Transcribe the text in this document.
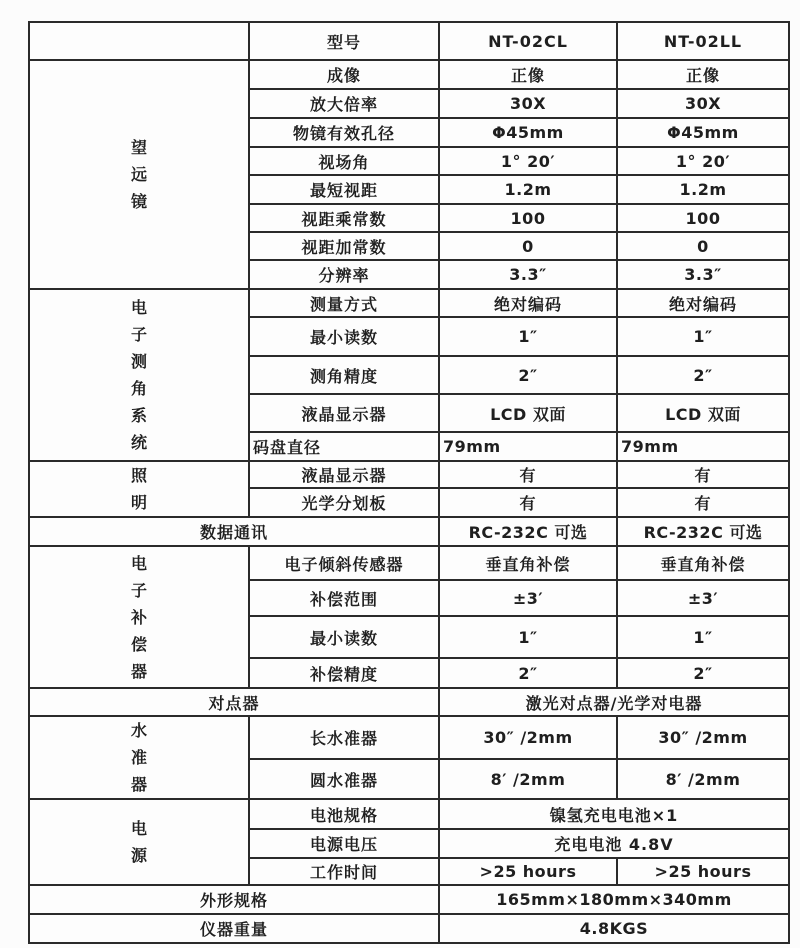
	型号	NT-02CL	NT-02LL

望远镜	成像	正像	正像
	放大倍率	30X	30X
	物镜有效孔径	Φ45mm	Φ45mm
	视场角	1° 20′	1° 20′
	最短视距	1.2m	1.2m
	视距乘常数	100	100
	视距加常数	0	0
	分辨率	3.3″	3.3″

电子测角系统	测量方式	绝对编码	绝对编码
	最小读数	1″	1″
	测角精度	2″	2″
	液晶显示器	LCD 双面	LCD 双面
	码盘直径	79mm	79mm

照明	液晶显示器	有	有
	光学分划板	有	有
数据通讯		RC-232C 可选	RC-232C 可选

电子补偿器	电子倾斜传感器	垂直角补偿	垂直角补偿
	补偿范围	±3′	±3′
	最小读数	1″	1″
	补偿精度	2″	2″
对点器		激光对点器/光学对电器	

水准器	长水准器	30″ /2mm	30″ /2mm
	圆水准器	8′ /2mm	8′ /2mm

电源	电池规格	镍氢充电电池×1	
	电源电压	充电电池 4.8V	
	工作时间	>25 hours	>25 hours
外形规格		165mm×180mm×340mm	
仪器重量		4.8KGS	
